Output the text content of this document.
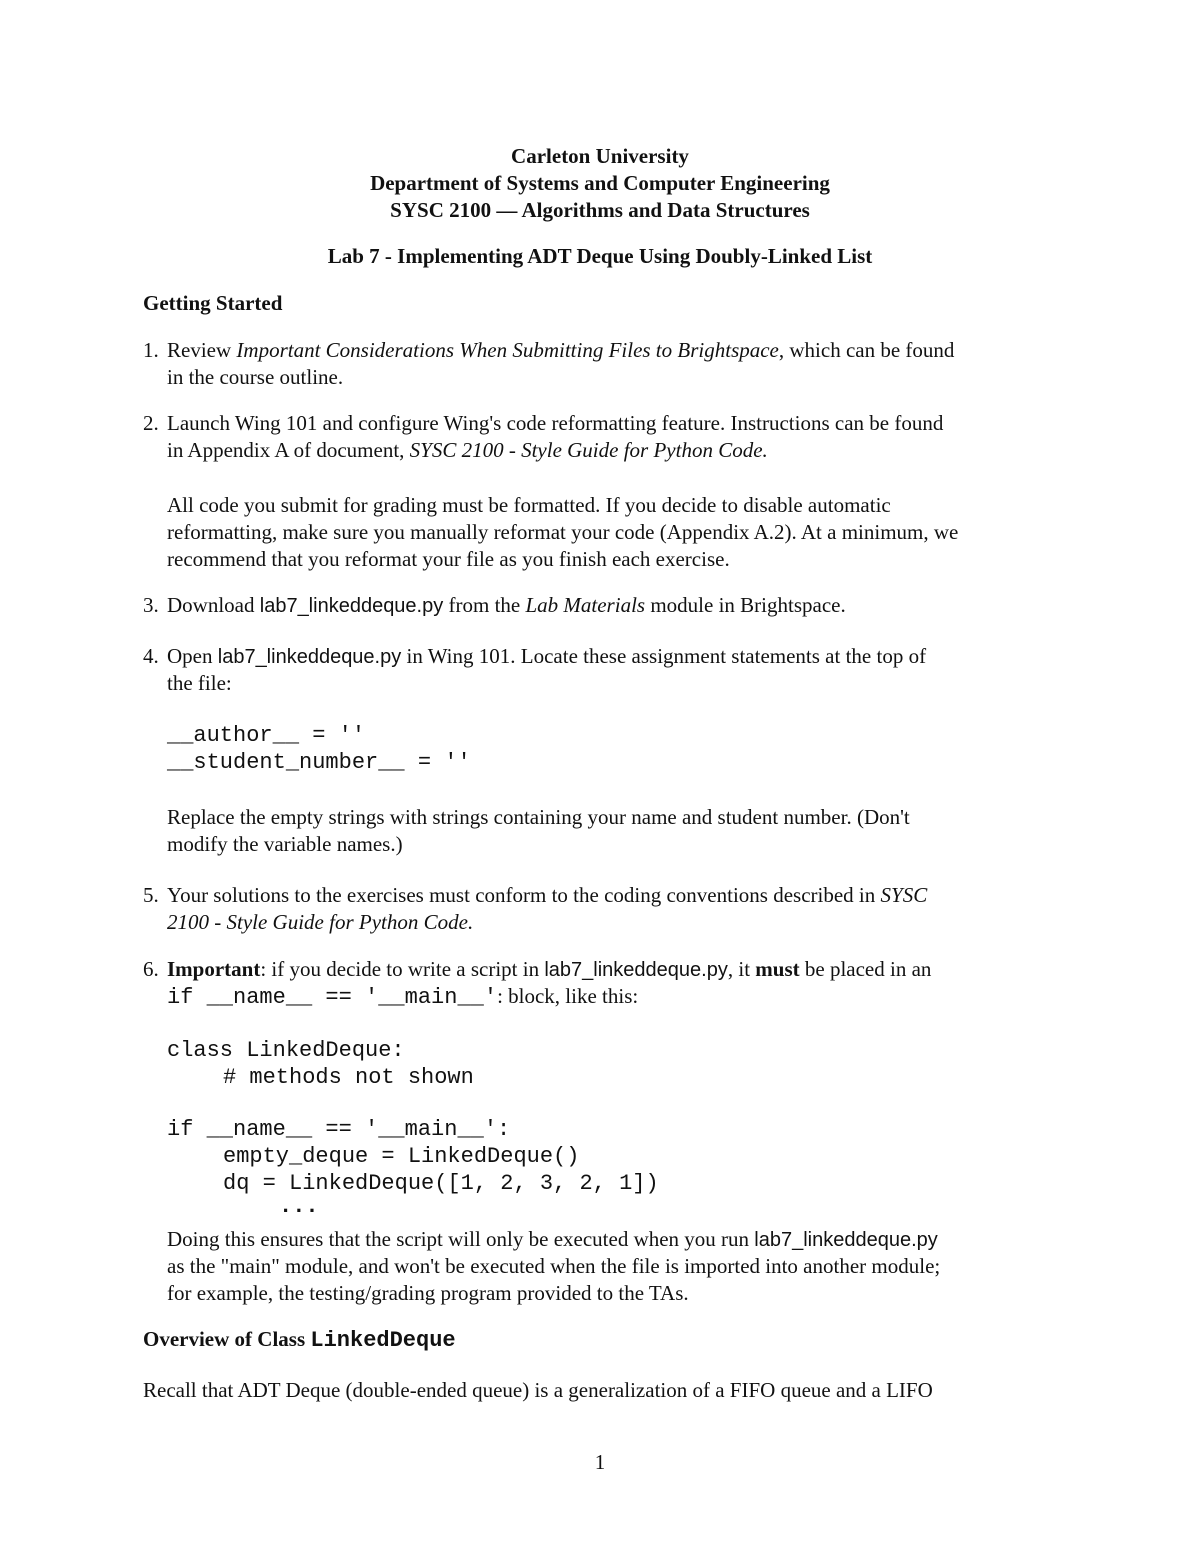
Carleton University
Department of Systems and Computer Engineering
SYSC 2100 — Algorithms and Data Structures
Lab 7 - Implementing ADT Deque Using Doubly-Linked List
Getting Started
1. Review Important Considerations When Submitting Files to Brightspace, which can be found
in the course outline.
2. Launch Wing 101 and configure Wing's code reformatting feature. Instructions can be found
in Appendix A of document, SYSC 2100 - Style Guide for Python Code.
All code you submit for grading must be formatted. If you decide to disable automatic
reformatting, make sure you manually reformat your code (Appendix A.2). At a minimum, we
recommend that you reformat your file as you finish each exercise.
3. Download lab7_linkeddeque.py from the Lab Materials module in Brightspace.
4. Open lab7_linkeddeque.py in Wing 101. Locate these assignment statements at the top of
the file:
__author__ = ''
__student_number__ = ''
Replace the empty strings with strings containing your name and student number. (Don't
modify the variable names.)
5. Your solutions to the exercises must conform to the coding conventions described in SYSC
2100 - Style Guide for Python Code.
6. Important: if you decide to write a script in lab7_linkeddeque.py, it must be placed in an
if __name__ == '__main__': block, like this:
class LinkedDeque:
# methods not shown
if __name__ == '__main__':
empty_deque = LinkedDeque()
dq = LinkedDeque([1, 2, 3, 2, 1])
...
Doing this ensures that the script will only be executed when you run lab7_linkeddeque.py
as the "main" module, and won't be executed when the file is imported into another module;
for example, the testing/grading program provided to the TAs.
Overview of Class LinkedDeque
Recall that ADT Deque (double-ended queue) is a generalization of a FIFO queue and a LIFO
1
